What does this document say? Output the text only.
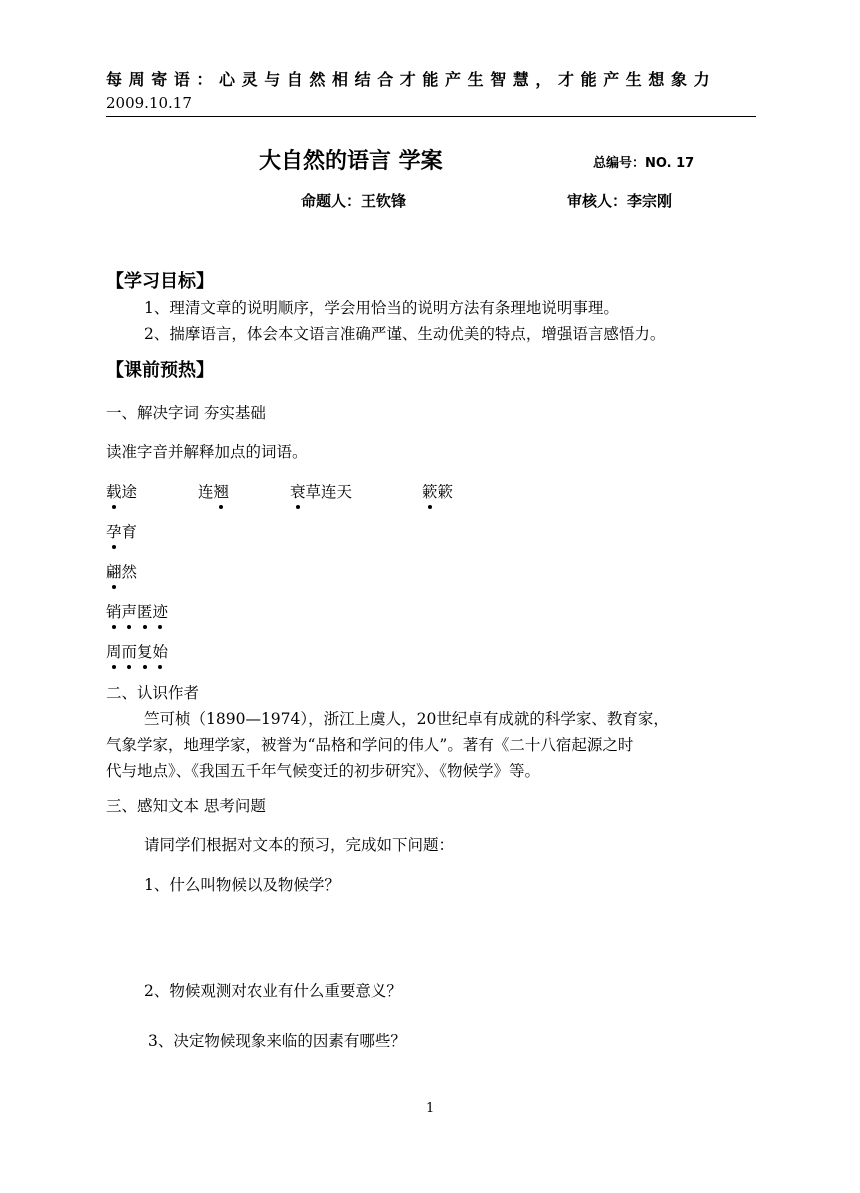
每周寄语：心灵与自然相结合才能产生智慧，才能产生想象力
2009.10.17
大自然的语言 学案	总编号：NO. 17
命题人：王钦锋	审核人：李宗刚
【学习目标】
1、理清文章的说明顺序，学会用恰当的说明方法有条理地说明事理。
2、揣摩语言，体会本文语言准确严谨、生动优美的特点，增强语言感悟力。
【课前预热】
一、解决字词 夯实基础
读准字音并解释加点的词语。
载
途	连翘	衰
草连天	簌
簌
孕
育
翩
然
销
声
匿
迹
周
而
复
始
二、认识作者
竺可桢（1890—1974），浙江上虞人，20世纪卓有成就的科学家、教育家，
气象学家，地理学家，被誉为“品格和学问的伟人”。著有《二十八宿起源之时
代与地点》、《我国五千年气候变迁的初步研究》、《物候学》等。
三、感知文本 思考问题
请同学们根据对文本的预习，完成如下问题：
1、什么叫物候以及物候学？
2、物候观测对农业有什么重要意义？
3、决定物候现象来临的因素有哪些？
1
